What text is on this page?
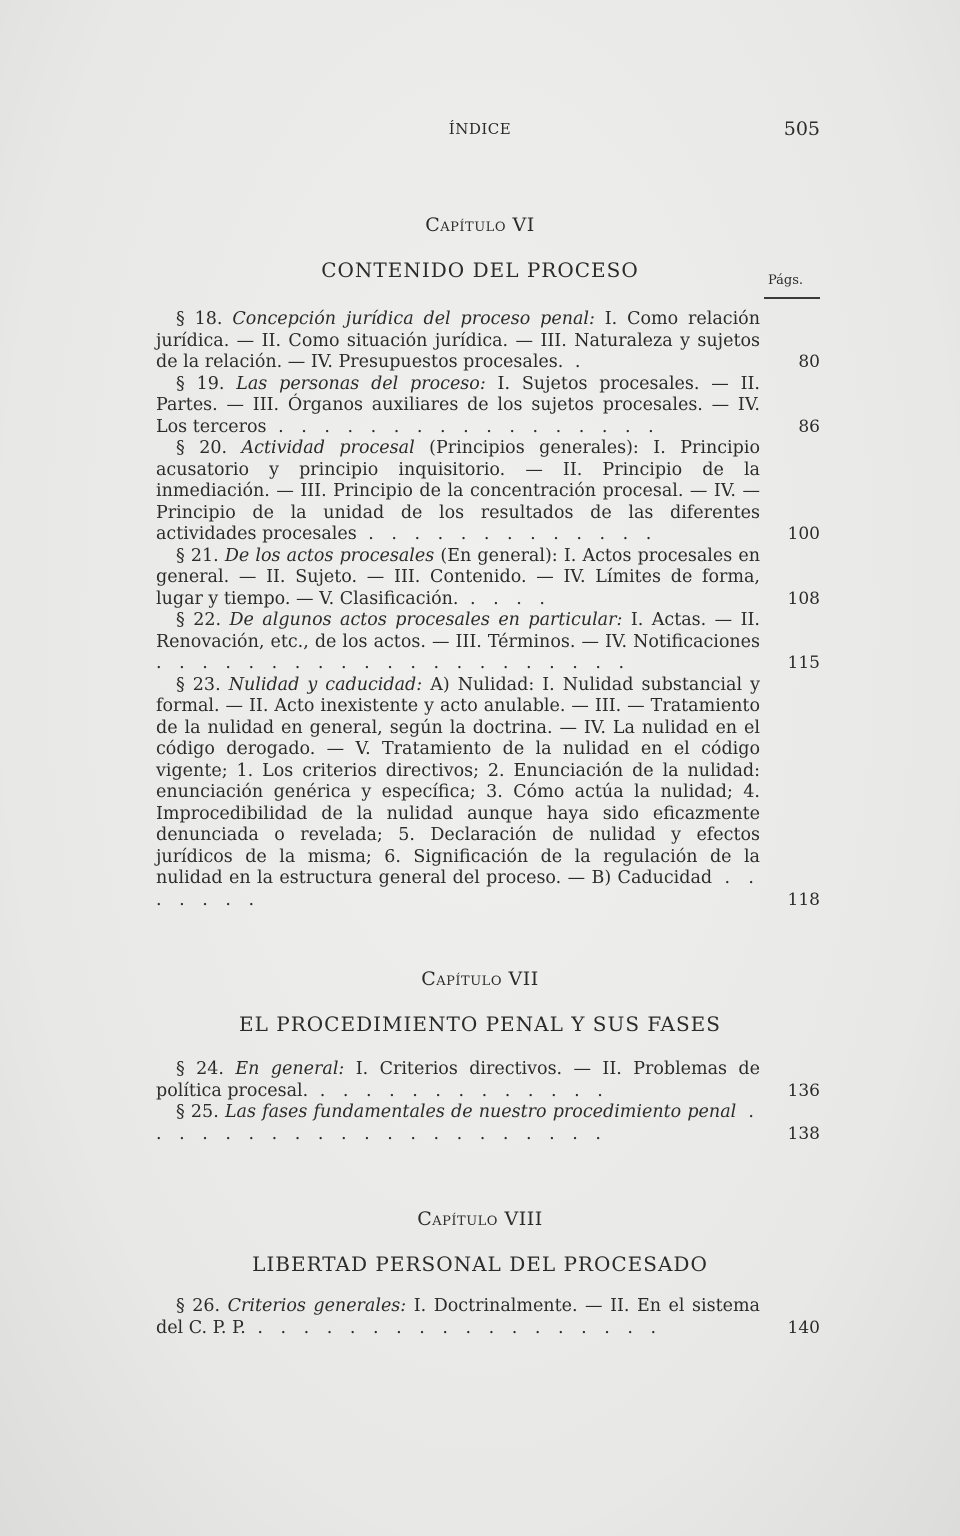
ÍNDICE	505
Capítulo VI
CONTENIDO DEL PROCESO	Págs.
§ 18. Concepción jurídica del proceso penal: I. Como relación jurídica. — II. Como situación jurídica. — III. Naturaleza y sujetos de la relación. — IV. Presupuestos procesales. .	80
§ 19. Las personas del proceso: I. Sujetos procesales. — II. Partes. — III. Órganos auxiliares de los sujetos procesales. — IV. Los terceros . . . . . . . . . . . . . . . . .	86
§ 20. Actividad procesal (Principios generales): I. Principio acusatorio y principio inquisitorio. — II. Principio de la inmediación. — III. Principio de la concentración procesal. — IV. — Principio de la unidad de los resultados de las diferentes actividades procesales . . . . . . . . . . . . .	100
§ 21. De los actos procesales (En general): I. Actos procesales en general. — II. Sujeto. — III. Contenido. — IV. Límites de forma, lugar y tiempo. — V. Clasificación. . . . .	108
§ 22. De algunos actos procesales en particular: I. Actas. — II. Renovación, etc., de los actos. — III. Términos. — IV. Notificaciones . . . . . . . . . . . . . . . . . . . . .	115
§ 23. Nulidad y caducidad: A) Nulidad: I. Nulidad substancial y formal. — II. Acto inexistente y acto anulable. — III. — Tratamiento de la nulidad en general, según la doctrina. — IV. La nulidad en el código derogado. — V. Tratamiento de la nulidad en el código vigente; 1. Los criterios directivos; 2. Enunciación de la nulidad: enunciación genérica y específica; 3. Cómo actúa la nulidad; 4. Improcedibilidad de la nulidad aunque haya sido eficazmente denunciada o revelada; 5. Declaración de nulidad y efectos jurídicos de la misma; 6. Significación de la regulación de la nulidad en la estructura general del proceso. — B) Caducidad . . . . . . .	118
Capítulo VII
EL PROCEDIMIENTO PENAL Y SUS FASES
§ 24. En general: I. Criterios directivos. — II. Problemas de política procesal. . . . . . . . . . . . . .	136
§ 25. Las fases fundamentales de nuestro procedimiento penal . . . . . . . . . . . . . . . . . . . . .	138
Capítulo VIII
LIBERTAD PERSONAL DEL PROCESADO
§ 26. Criterios generales: I. Doctrinalmente. — II. En el sistema del C. P. P. . . . . . . . . . . . . . . . . . .	140
